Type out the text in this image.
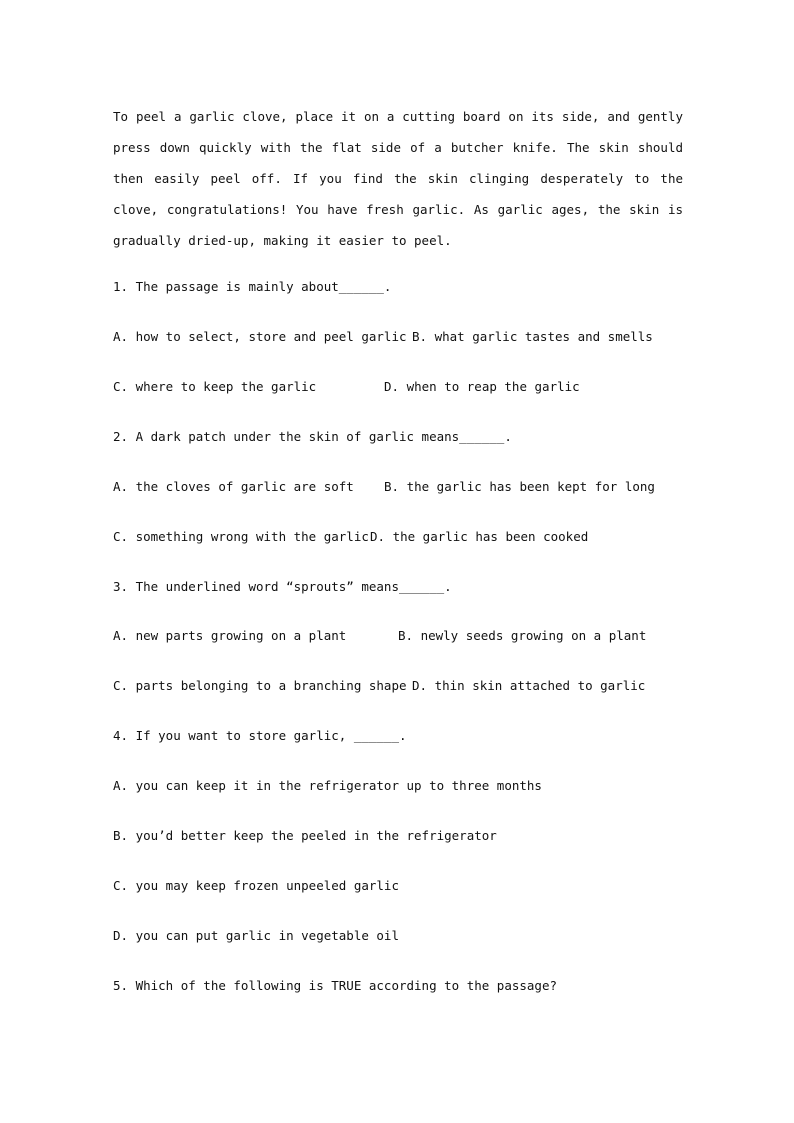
To peel a garlic clove, place it on a cutting board on its side, and gently press down quickly with the flat side of a butcher knife. The skin should then easily peel off. If you find the skin clinging desperately to the clove, congratulations! You have fresh garlic. As garlic ages, the skin is gradually dried-up, making it easier to peel.

1. The passage is mainly about______.
A. how to select, store and peel garlic B. what garlic tastes and smells
C. where to keep the garlic	D. when to reap the garlic
2. A dark patch under the skin of garlic means______.
A. the cloves of garlic are soft B. the garlic has been kept for long
C. something wrong with the garlic D. the garlic has been cooked
3. The underlined word “sprouts” means______.
A. new parts growing on a plant	B. newly seeds growing on a plant
C. parts belonging to a branching shape D. thin skin attached to garlic
4. If you want to store garlic, ______.
A. you can keep it in the refrigerator up to three months
B. you’d better keep the peeled in the refrigerator
C. you may keep frozen unpeeled garlic
D. you can put garlic in vegetable oil
5. Which of the following is TRUE according to the passage?
